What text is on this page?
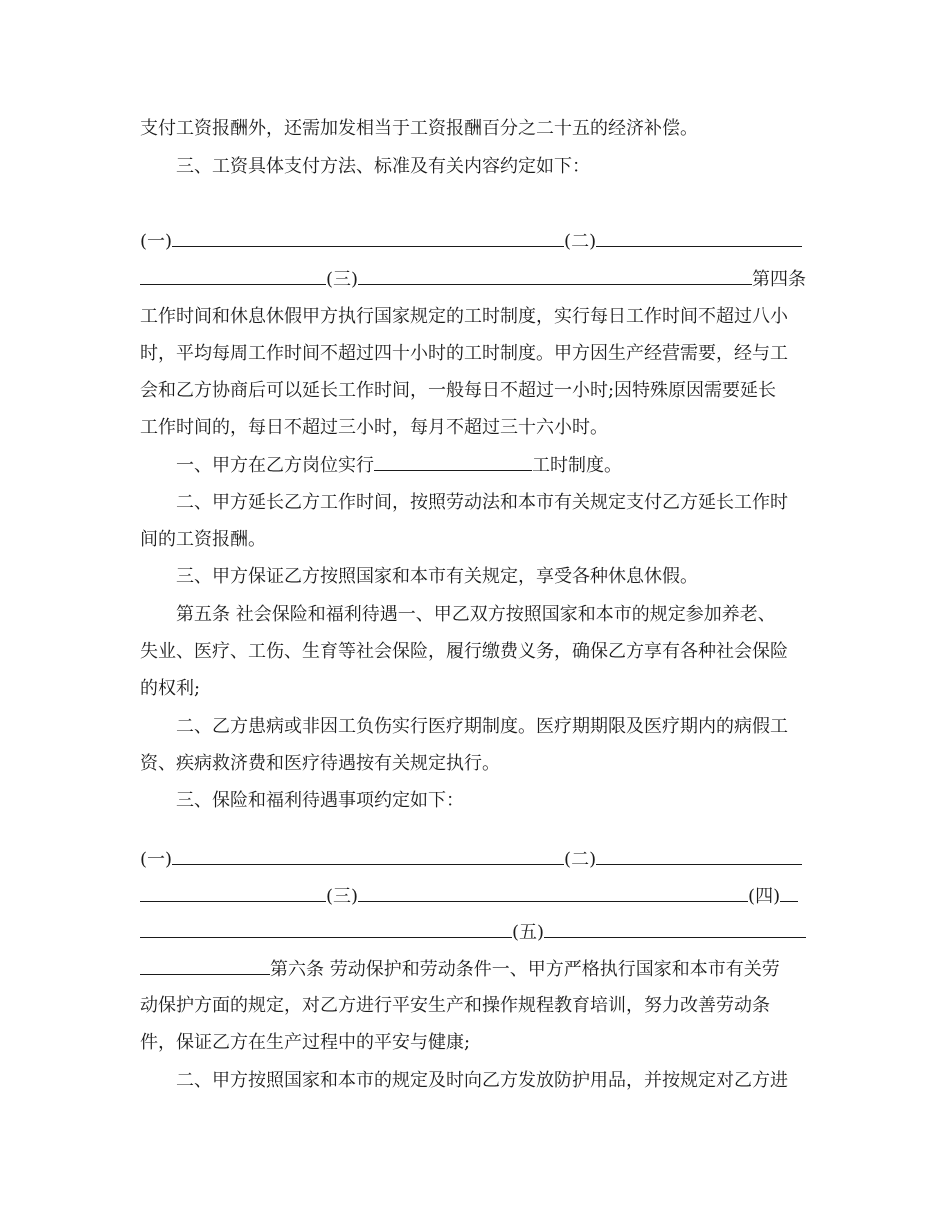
支付工资报酬外，还需加发相当于工资报酬百分之二十五的经济补偿。
三、工资具体支付方法、标准及有关内容约定如下：
(一)	(二)
(三)	第四条
工作时间和休息休假甲方执行国家规定的工时制度，实行每日工作时间不超过八小
时，平均每周工作时间不超过四十小时的工时制度。甲方因生产经营需要，经与工
会和乙方协商后可以延长工作时间，一般每日不超过一小时;因特殊原因需要延长
工作时间的，每日不超过三小时，每月不超过三十六小时。
一、甲方在乙方岗位实行	工时制度。
二、甲方延长乙方工作时间，按照劳动法和本市有关规定支付乙方延长工作时
间的工资报酬。
三、甲方保证乙方按照国家和本市有关规定，享受各种休息休假。
第五条 社会保险和福利待遇一、甲乙双方按照国家和本市的规定参加养老、
失业、医疗、工伤、生育等社会保险，履行缴费义务，确保乙方享有各种社会保险
的权利;
二、乙方患病或非因工负伤实行医疗期制度。医疗期期限及医疗期内的病假工
资、疾病救济费和医疗待遇按有关规定执行。
三、保险和福利待遇事项约定如下：
(一)	(二)
(三)	(四)
(五)
第六条 劳动保护和劳动条件一、甲方严格执行国家和本市有关劳
动保护方面的规定，对乙方进行平安生产和操作规程教育培训，努力改善劳动条
件，保证乙方在生产过程中的平安与健康;
二、甲方按照国家和本市的规定及时向乙方发放防护用品，并按规定对乙方进
